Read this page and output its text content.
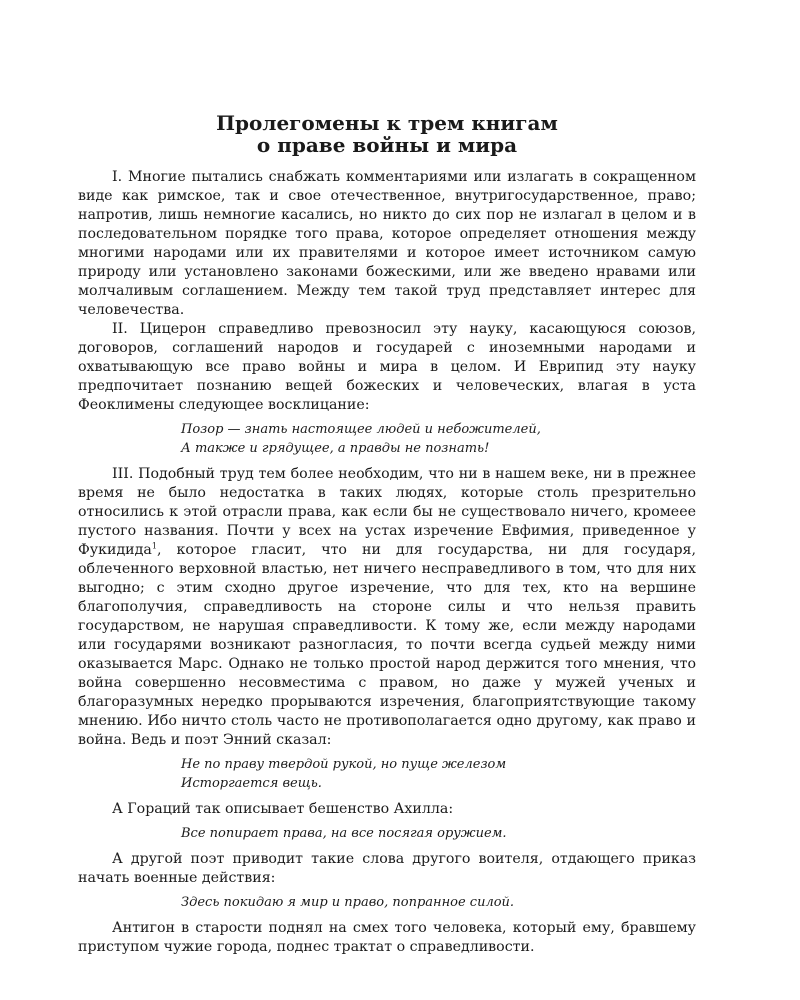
Пролегомены к трем книгам
о праве войны и мира

I. Многие пытались снабжать комментариями или излагать в сокращенном виде как римское, так и свое отечественное, внутригосударственное, право; напротив, лишь немногие касались, но никто до сих пор не излагал в целом и в последовательном порядке того права, которое определяет отношения между многими народами или их правителями и которое имеет источником самую природу или установлено законами божескими, или же введено нравами или молчаливым соглашением. Между тем такой труд представляет интерес для человечества.

II. Цицерон справедливо превозносил эту науку, касающуюся союзов, договоров, соглашений народов и государей с иноземными народами и охватывающую все право войны и мира в целом. И Еврипид эту науку предпочитает познанию вещей божеских и человеческих, влагая в уста Феоклимены следующее восклицание:

Позор — знать настоящее людей и небожителей,
А также и грядущее, а правды не познать!

III. Подобный труд тем более необходим, что ни в нашем веке, ни в прежнее время не было недостатка в таких людях, которые столь презрительно относились к этой отрасли права, как если бы не существовало ничего, кромеее пустого названия. Почти у всех на устах изречение Евфимия, приведенное у Фукидида$^1$, которое гласит, что ни для государства, ни для государя, облеченного верховной властью, нет ничего несправедливого в том, что для них выгодно; с этим сходно другое изречение, что для тех, кто на вершине благополучия, справедливость на стороне силы и что нельзя править государством, не нарушая справедливости. К тому же, если между народами или государями возникают разногласия, то почти всегда судьей между ними оказывается Марс. Однако не только простой народ держится того мнения, что война совершенно несовместима с правом, но даже у мужей ученых и благоразумных нередко прорываются изречения, благоприятствующие такому мнению. Ибо ничто столь часто не противополагается одно другому, как право и война. Ведь и поэт Энний сказал:

Не по праву твердой рукой, но пуще железом
Исторгается вещь.

А Гораций так описывает бешенство Ахилла:

Все попирает права, на все посягая оружием.

А другой поэт приводит такие слова другого воителя, отдающего приказ начать военные действия:

Здесь покидаю я мир и право, попранное силой.

Антигон в старости поднял на смех того человека, который ему, бравшему приступом чужие города, поднес трактат о справедливости.
